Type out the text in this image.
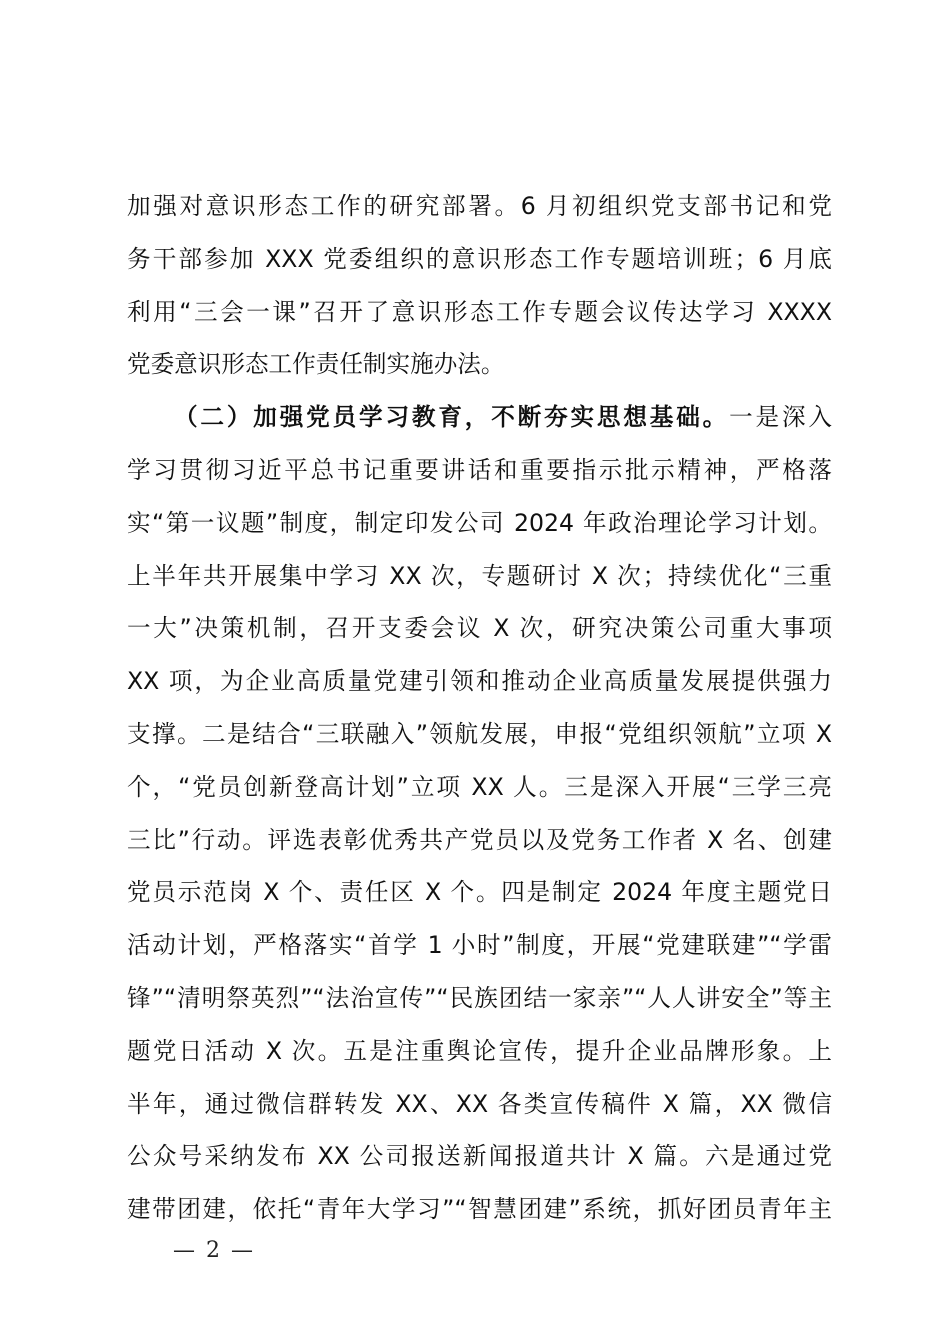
加强对意识形态工作的研究部署。6 月初组织党支部书记和党
务干部参加 XXX 党委组织的意识形态工作专题培训班；6 月底
利用“三会一课”召开了意识形态工作专题会议传达学习 XXXX
党委意识形态工作责任制实施办法。
（二）加强党员学习教育，不断夯实思想基础。一是深入
学习贯彻习近平总书记重要讲话和重要指示批示精神，严格落
实“第一议题”制度，制定印发公司 2024 年政治理论学习计划。
上半年共开展集中学习 XX 次，专题研讨 X 次；持续优化“三重
一大”决策机制，召开支委会议 X 次，研究决策公司重大事项
XX 项，为企业高质量党建引领和推动企业高质量发展提供强力
支撑。二是结合“三联融入”领航发展，申报“党组织领航”立项 X
个，“党员创新登高计划”立项 XX 人。三是深入开展“三学三亮
三比”行动。评选表彰优秀共产党员以及党务工作者 X 名、创建
党员示范岗 X 个、责任区 X 个。四是制定 2024 年度主题党日
活动计划，严格落实“首学 1 小时”制度，开展“党建联建”“学雷
锋”“清明祭英烈”“法治宣传”“民族团结一家亲”“人人讲安全”等主
题党日活动 X 次。五是注重舆论宣传，提升企业品牌形象。上
半年，通过微信群转发 XX、XX 各类宣传稿件 X 篇，XX 微信
公众号采纳发布 XX 公司报送新闻报道共计 X 篇。六是通过党
建带团建，依托“青年大学习”“智慧团建”系统，抓好团员青年主
— 2 —
